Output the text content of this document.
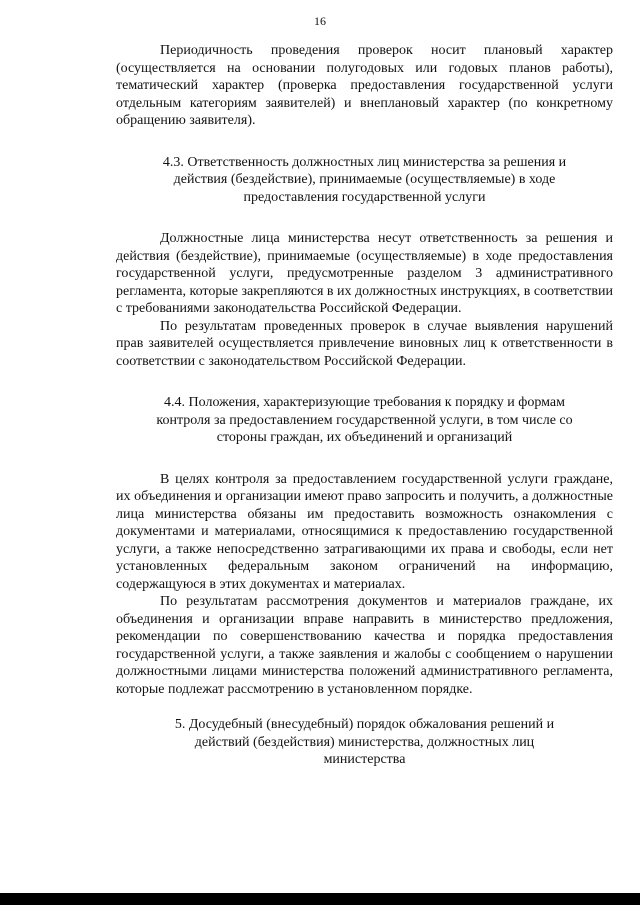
16

Периодичность проведения проверок носит плановый характер (осуществляется на основании полугодовых или годовых планов работы), тематический характер (проверка предоставления государственной услуги отдельным категориям заявителей) и внеплановый характер (по конкретному обращению заявителя).

4.3. Ответственность должностных лиц министерства за решения и действия (бездействие), принимаемые (осуществляемые) в ходе предоставления государственной услуги

Должностные лица министерства несут ответственность за решения и действия (бездействие), принимаемые (осуществляемые) в ходе предоставления государственной услуги, предусмотренные разделом 3 административного регламента, которые закрепляются в их должностных инструкциях, в соответствии с требованиями законодательства Российской Федерации.

По результатам проведенных проверок в случае выявления нарушений прав заявителей осуществляется привлечение виновных лиц к ответственности в соответствии с законодательством Российской Федерации.

4.4. Положения, характеризующие требования к порядку и формам контроля за предоставлением государственной услуги, в том числе со стороны граждан, их объединений и организаций

В целях контроля за предоставлением государственной услуги граждане, их объединения и организации имеют право запросить и получить, а должностные лица министерства обязаны им предоставить возможность ознакомления с документами и материалами, относящимися к предоставлению государственной услуги, а также непосредственно затрагивающими их права и свободы, если нет установленных федеральным законом ограничений на информацию, содержащуюся в этих документах и материалах.

По результатам рассмотрения документов и материалов граждане, их объединения и организации вправе направить в министерство предложения, рекомендации по совершенствованию качества и порядка предоставления государственной услуги, а также заявления и жалобы с сообщением о нарушении должностными лицами министерства положений административного регламента, которые подлежат рассмотрению в установленном порядке.

5. Досудебный (внесудебный) порядок обжалования решений и действий (бездействия) министерства, должностных лиц министерства
